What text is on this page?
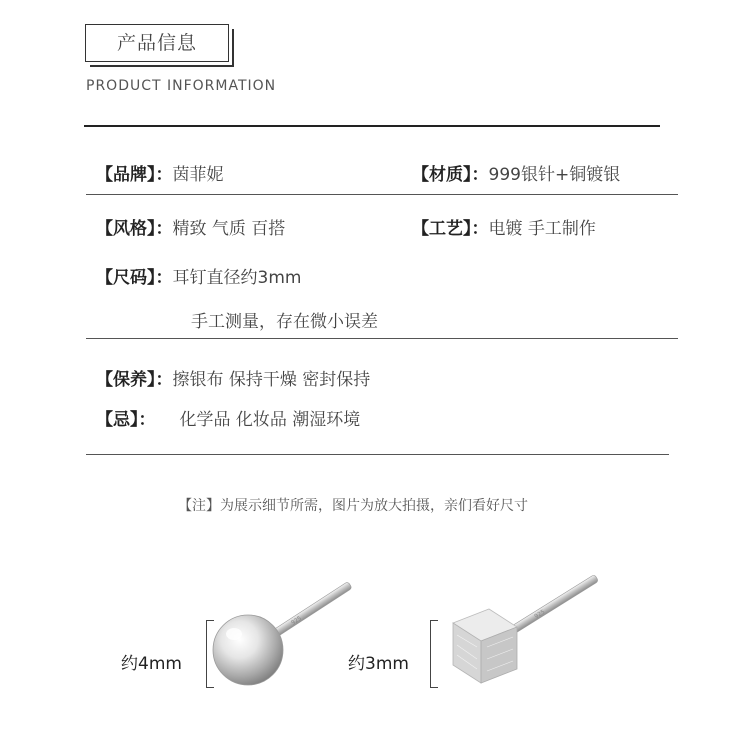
产品信息
PRODUCT INFORMATION
【品牌】：茵菲妮	【材质】：999银针+铜镀银
【风格】：精致 气质 百搭	【工艺】：电镀 手工制作
【尺码】：耳钉直径约3mm
手工测量，存在微小误差
【保养】：擦银布 保持干燥 密封保持
【忌】： 化学品 化妆品 潮湿环境
【注】为展示细节所需，图片为放大拍摄，亲们看好尺寸
约4mm
925
约3mm
925
